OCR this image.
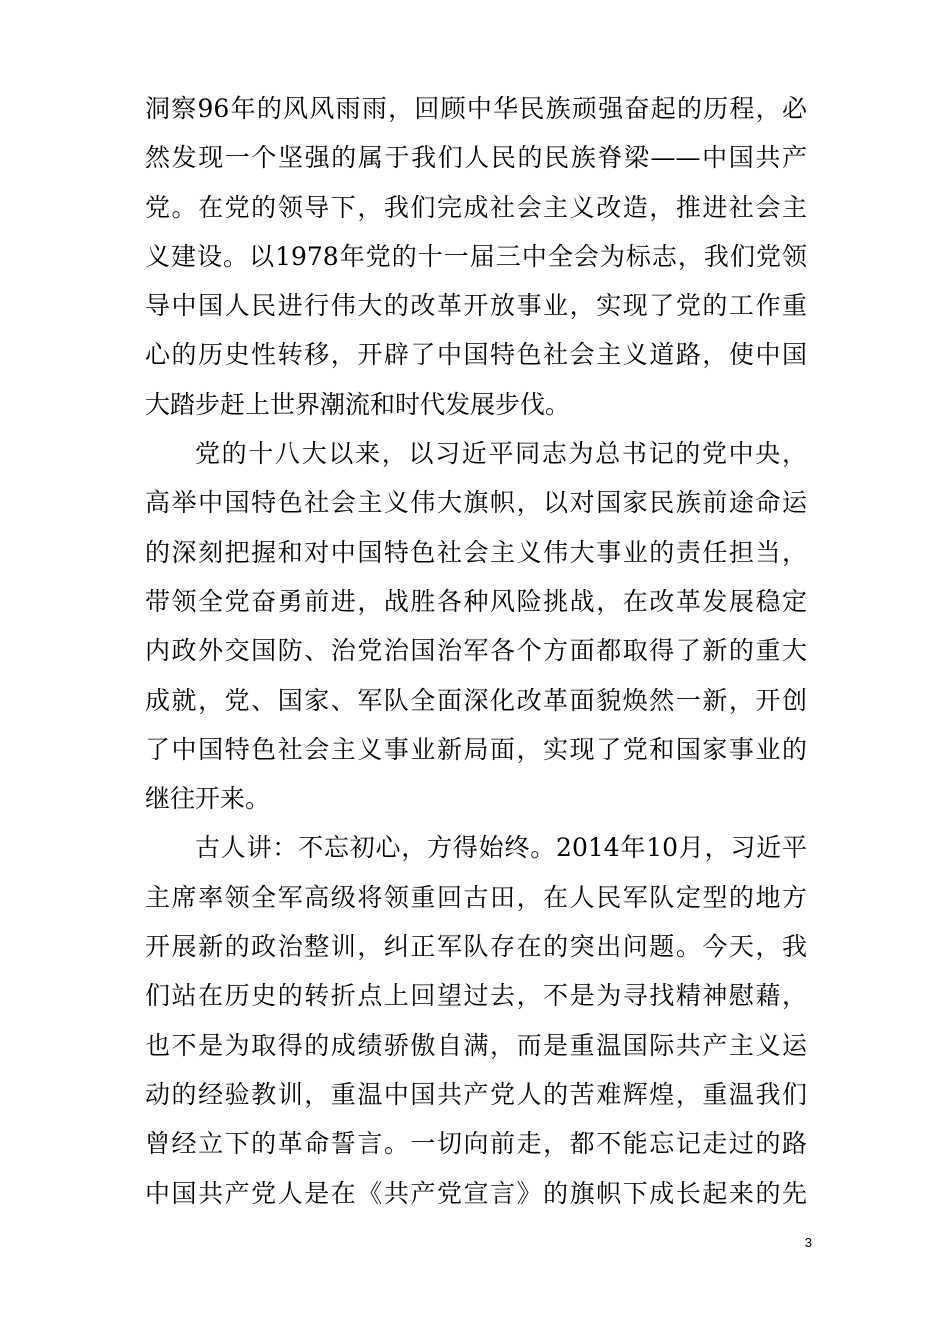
洞察96年的风风雨雨，回顾中华民族顽强奋起的历程，必
然发现一个坚强的属于我们人民的民族脊梁——中国共产
党。在党的领导下，我们完成社会主义改造，推进社会主
义建设。以1978年党的十一届三中全会为标志，我们党领
导中国人民进行伟大的改革开放事业，实现了党的工作重
心的历史性转移，开辟了中国特色社会主义道路，使中国
大踏步赶上世界潮流和时代发展步伐。
党的十八大以来，以习近平同志为总书记的党中央，
高举中国特色社会主义伟大旗帜，以对国家民族前途命运
的深刻把握和对中国特色社会主义伟大事业的责任担当，
带领全党奋勇前进，战胜各种风险挑战，在改革发展稳定
内政外交国防、治党治国治军各个方面都取得了新的重大
成就，党、国家、军队全面深化改革面貌焕然一新，开创
了中国特色社会主义事业新局面，实现了党和国家事业的
继往开来。
古人讲：不忘初心，方得始终。2014年10月，习近平
主席率领全军高级将领重回古田，在人民军队定型的地方
开展新的政治整训，纠正军队存在的突出问题。今天，我
们站在历史的转折点上回望过去，不是为寻找精神慰藉，
也不是为取得的成绩骄傲自满，而是重温国际共产主义运
动的经验教训，重温中国共产党人的苦难辉煌，重温我们
曾经立下的革命誓言。一切向前走，都不能忘记走过的路
中国共产党人是在《共产党宣言》的旗帜下成长起来的先
3
